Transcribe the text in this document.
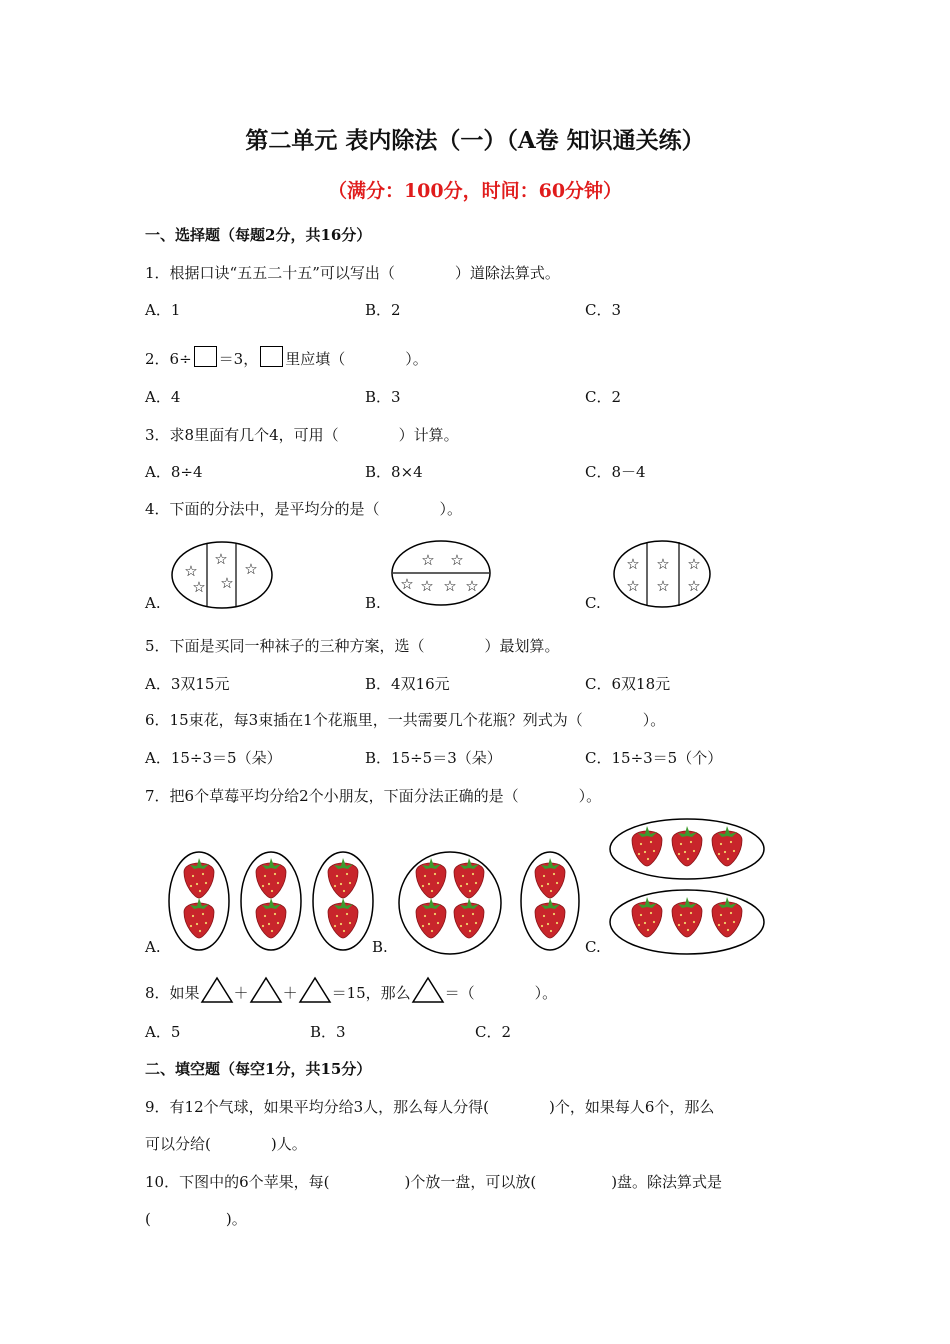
第二单元 表内除法（一）（A卷 知识通关练）
（满分：100分，时间：60分钟）
一、选择题（每题2分，共16分）
1．根据口诀“五五二十五”可以写出（　　　　）道除法算式。
A．1	B．2	C．3
2．6÷ ＝3， 里应填（　　　　）。
A．4	B．3	C．2
3．求8里面有几个4，可用（　　　　）计算。
A．8÷4	B．8×4	C．8－4
4．下面的分法中，是平均分的是（　　　　）。
A.	B.	C.
☆
☆
☆
☆
☆	☆ ☆
☆ ☆ ☆ ☆
☆
☆
☆
☆
☆
☆
5．下面是买同一种袜子的三种方案，选（　　　　）最划算。
A．3双15元	B．4双16元	C．6双18元
6．15束花，每3束插在1个花瓶里，一共需要几个花瓶？列式为（　　　　）。
A．15÷3＝5（朵）	B．15÷5＝3（朵）	C．15÷3＝5（个）
7．把6个草莓平均分给2个小朋友，下面分法正确的是（　　　　）。
A.	B.	C.
8．如果 ＋ ＋ ＝15，那么 ＝（　　　　）。
A．5	B．3	C．2
二、填空题（每空1分，共15分）
9．有12个气球，如果平均分给3人，那么每人分得(　　　　)个，如果每人6个，那么
可以分给(　　　　)人。
10．下图中的6个苹果，每(　　　　　)个放一盘，可以放(　　　　　)盘。除法算式是
(　　　　　)。
